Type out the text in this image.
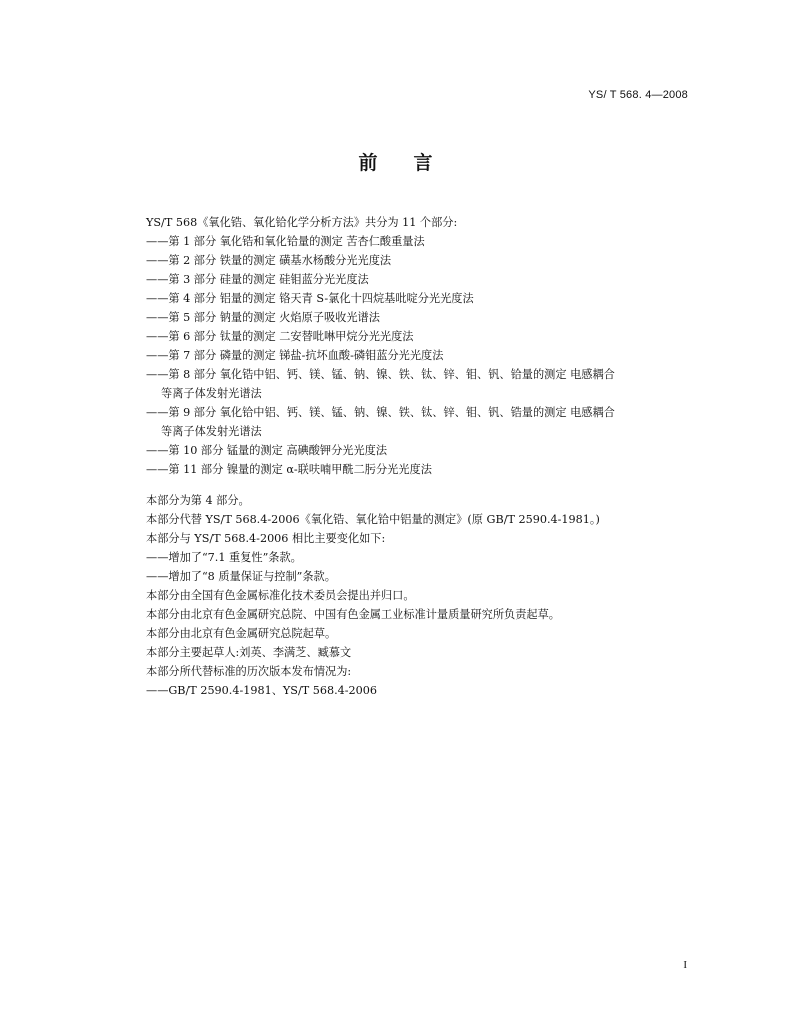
YS/ T 568. 4—2008
前言
YS/T 568《氧化锆、氧化铪化学分析方法》共分为 11 个部分:
——第 1 部分 氧化锆和氧化铪量的测定 苦杏仁酸重量法
——第 2 部分 铁量的测定 磺基水杨酸分光光度法
——第 3 部分 硅量的测定 硅钼蓝分光光度法
——第 4 部分 铝量的测定 铬天青 S-氯化十四烷基吡啶分光光度法
——第 5 部分 钠量的测定 火焰原子吸收光谱法
——第 6 部分 钛量的测定 二安替吡啉甲烷分光光度法
——第 7 部分 磷量的测定 锑盐-抗坏血酸-磷钼蓝分光光度法
——第 8 部分 氧化锆中铝、钙、镁、锰、钠、镍、铁、钛、锌、钼、钒、铪量的测定 电感耦合
等离子体发射光谱法
——第 9 部分 氧化铪中铝、钙、镁、锰、钠、镍、铁、钛、锌、钼、钒、锆量的测定 电感耦合
等离子体发射光谱法
——第 10 部分 锰量的测定 高碘酸钾分光光度法
——第 11 部分 镍量的测定 α-联呋喃甲酰二肟分光光度法
本部分为第 4 部分。
本部分代替 YS/T 568.4-2006《氧化锆、氧化铪中铝量的测定》(原 GB/T 2590.4-1981。)
本部分与 YS/T 568.4-2006 相比主要变化如下:
——增加了“7.1 重复性”条款。
——增加了“8 质量保证与控制”条款。
本部分由全国有色金属标准化技术委员会提出并归口。
本部分由北京有色金属研究总院、中国有色金属工业标准计量质量研究所负责起草。
本部分由北京有色金属研究总院起草。
本部分主要起草人:刘英、李满芝、臧慕文
本部分所代替标准的历次版本发布情况为:
——GB/T 2590.4-1981、YS/T 568.4-2006
I
